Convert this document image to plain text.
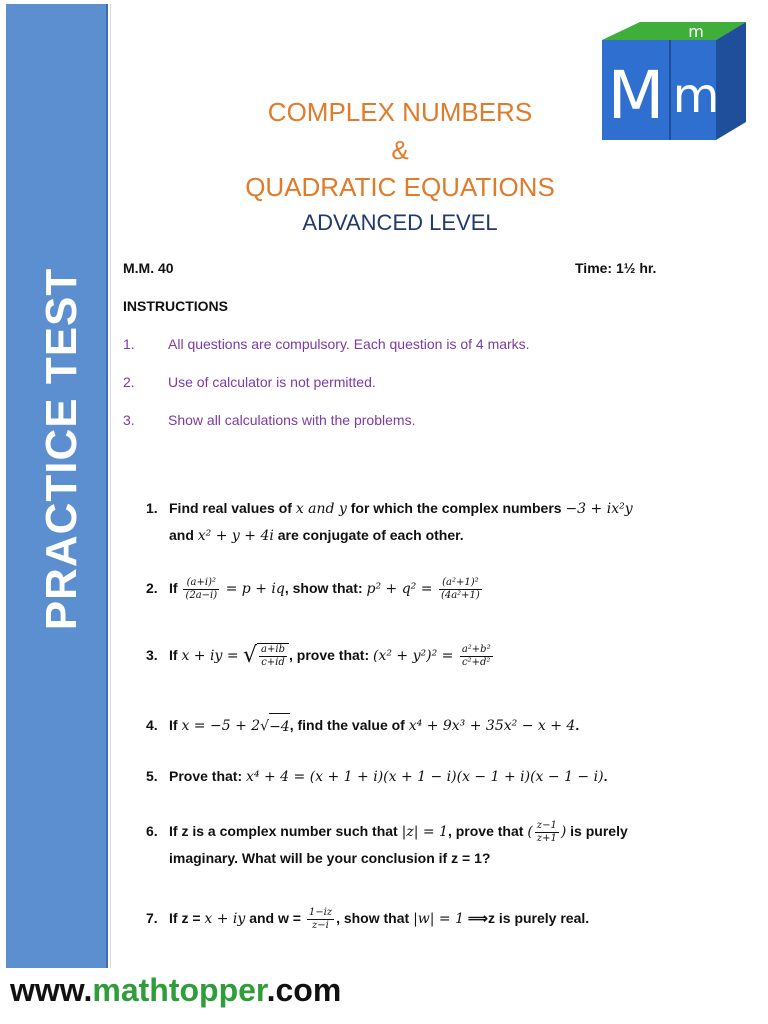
PRACTICE TEST
M m
m
COMPLEX NUMBERS
&
QUADRATIC EQUATIONS
ADVANCED LEVEL
M.M. 40	Time: 1½ hr.
INSTRUCTIONS
1. All questions are compulsory. Each question is of 4 marks.
2. Use of calculator is not permitted.
3. Show all calculations with the problems.
1. Find real values of x and y for which the complex numbers −3 + ix²y
and x² + y + 4i are conjugate of each other.
2. If $\frac{\text{(a+i)²}}{(2a-i)} = p$ + iq, show that: $p^2 + q^2 = \frac{\text{(a²+1)²}}{\text{(4a²+1)}}$
3. If x + iy = √ $\frac{a+ib}{c+id}$ , prove that: $(x^2 + y^2)^2 = \frac{\text{a²+b²}}{\text{c²+d²}}$
4. If x = −5 + 2√−4, find the value of x⁴ + 9x³ + 35x² − x + 4.
5. Prove that: x⁴ + 4 = (x + 1 + i)(x + 1 − i)(x − 1 + i)(x − 1 − i).
6. If z is a complex number such that |z| = 1, prove that ( $\frac{z-1}{z+1}$ ) is purely
imaginary. What will be your conclusion if z = 1?
7. If z = x + iy and $w = \frac{1-iz}{z-i}$ , show that |w| = 1 ⟹z is purely real.
www.mathtopper.com
